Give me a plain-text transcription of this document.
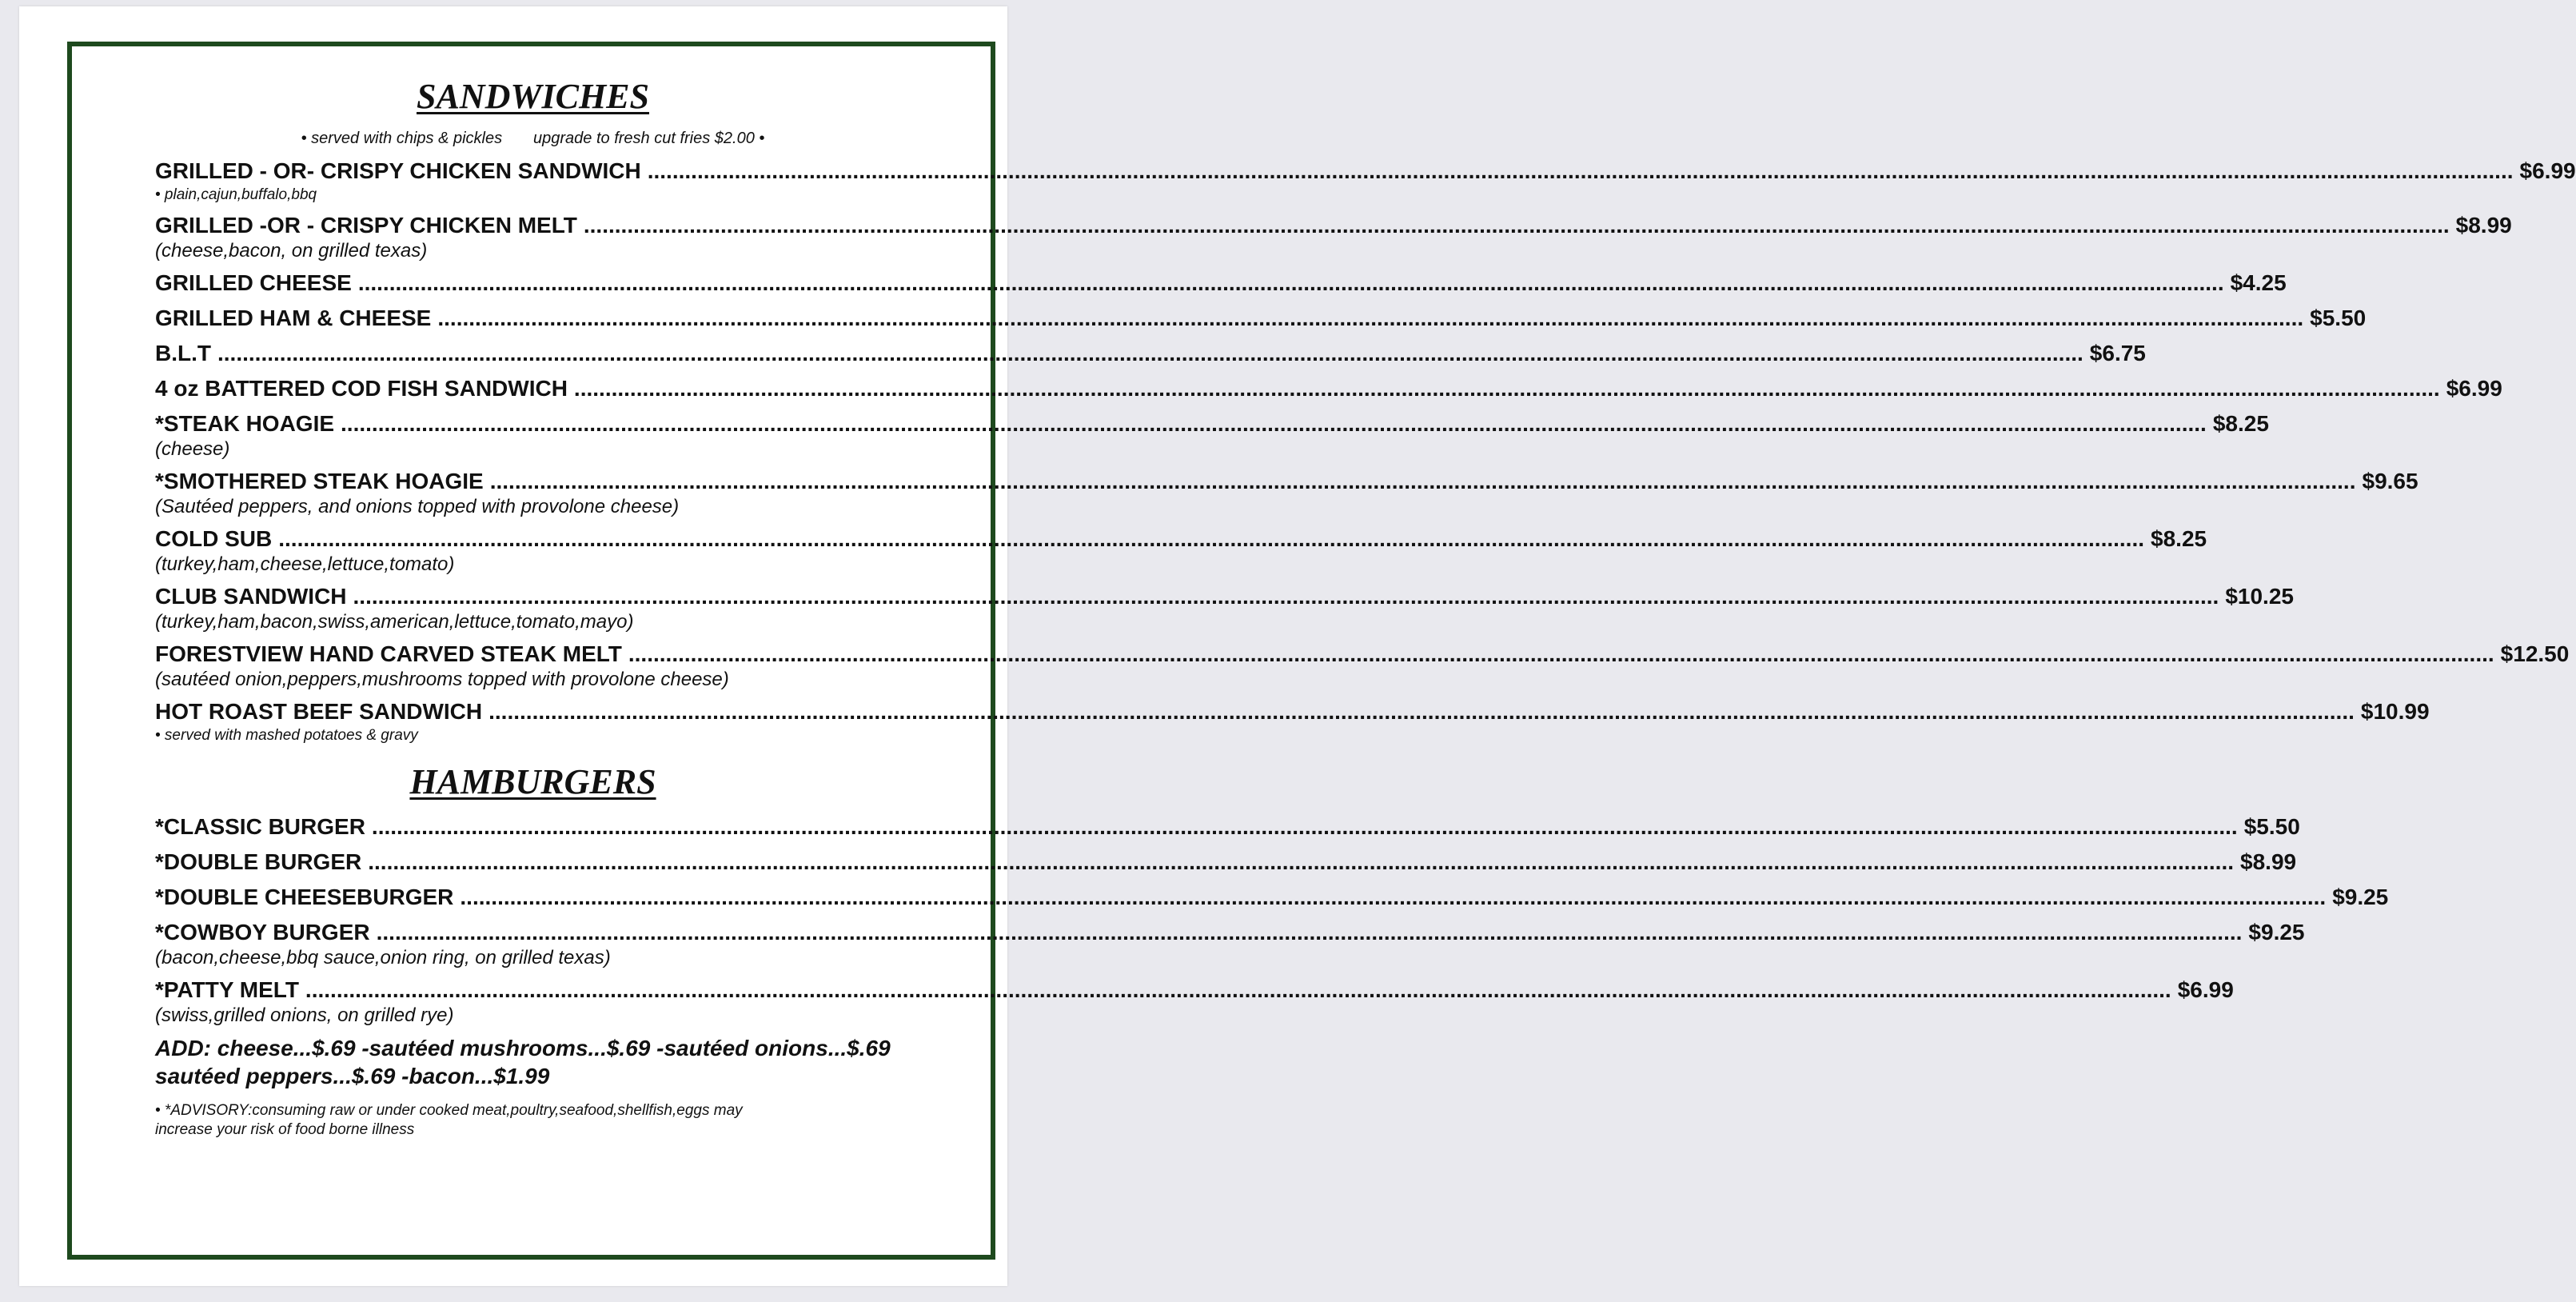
SANDWICHES
• served with chips & pickles       upgrade to fresh cut fries $2.00 •
GRILLED - OR- CRISPY CHICKEN SANDWICH ............................................................................................................................................................................................................................................................................................................ $6.99
• plain,cajun,buffalo,bbq
GRILLED -OR - CRISPY CHICKEN MELT ............................................................................................................................................................................................................................................................................................................ $8.99
(cheese,bacon, on grilled texas)
GRILLED CHEESE ............................................................................................................................................................................................................................................................................................................ $4.25
GRILLED HAM & CHEESE ............................................................................................................................................................................................................................................................................................................ $5.50
B.L.T ............................................................................................................................................................................................................................................................................................................ $6.75
4 oz BATTERED COD FISH SANDWICH ............................................................................................................................................................................................................................................................................................................ $6.99
*STEAK HOAGIE ............................................................................................................................................................................................................................................................................................................ $8.25
(cheese)
*SMOTHERED STEAK HOAGIE ............................................................................................................................................................................................................................................................................................................ $9.65
(Sautéed peppers, and onions topped with provolone cheese)
COLD SUB ............................................................................................................................................................................................................................................................................................................ $8.25
(turkey,ham,cheese,lettuce,tomato)
CLUB SANDWICH ............................................................................................................................................................................................................................................................................................................ $10.25
(turkey,ham,bacon,swiss,american,lettuce,tomato,mayo)
FORESTVIEW HAND CARVED STEAK MELT ............................................................................................................................................................................................................................................................................................................ $12.50
(sautéed onion,peppers,mushrooms topped with provolone cheese)
HOT ROAST BEEF SANDWICH ............................................................................................................................................................................................................................................................................................................ $10.99
• served with mashed potatoes & gravy
HAMBURGERS
*CLASSIC BURGER ............................................................................................................................................................................................................................................................................................................ $5.50
*DOUBLE BURGER ............................................................................................................................................................................................................................................................................................................ $8.99
*DOUBLE CHEESEBURGER ............................................................................................................................................................................................................................................................................................................ $9.25
*COWBOY BURGER ............................................................................................................................................................................................................................................................................................................ $9.25
(bacon,cheese,bbq sauce,onion ring, on grilled texas)
*PATTY MELT ............................................................................................................................................................................................................................................................................................................ $6.99
(swiss,grilled onions, on grilled rye)
ADD: cheese...$.69 -sautéed mushrooms...$.69 -sautéed onions...$.69
sautéed peppers...$.69 -bacon...$1.99
• *ADVISORY:consuming raw or under cooked meat,poultry,seafood,shellfish,eggs may
increase your risk of food borne illness
